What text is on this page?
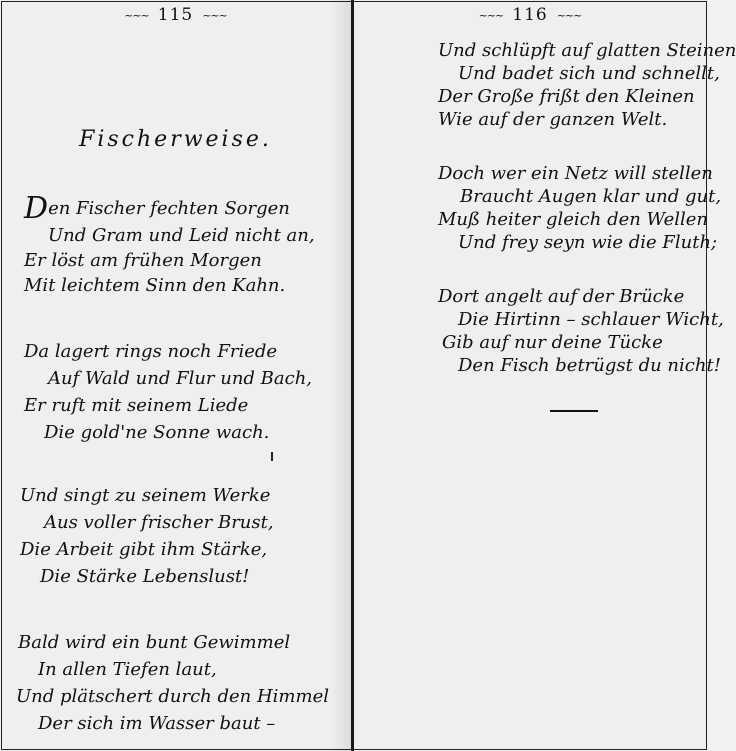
~~~ 115 ~~~
Fischerweise.
Den Fischer fechten Sorgen
Und Gram und Leid nicht an,
Er löst am frühen Morgen
Mit leichtem Sinn den Kahn.
Da lagert rings noch Friede
Auf Wald und Flur und Bach,
Er ruft mit seinem Liede
Die gold'ne Sonne wach.
Und singt zu seinem Werke
Aus voller frischer Brust,
Die Arbeit gibt ihm Stärke,
Die Stärke Lebenslust!
Bald wird ein bunt Gewimmel
In allen Tiefen laut,
Und plätschert durch den Himmel
Der sich im Wasser baut –
~~~ 116 ~~~
Und schlüpft auf glatten Steinen
Und badet sich und schnellt,
Der Große frißt den Kleinen
Wie auf der ganzen Welt.
Doch wer ein Netz will stellen
Braucht Augen klar und gut,
Muß heiter gleich den Wellen
Und frey seyn wie die Fluth;
Dort angelt auf der Brücke
Die Hirtinn – schlauer Wicht,
Gib auf nur deine Tücke
Den Fisch betrügst du nicht!
